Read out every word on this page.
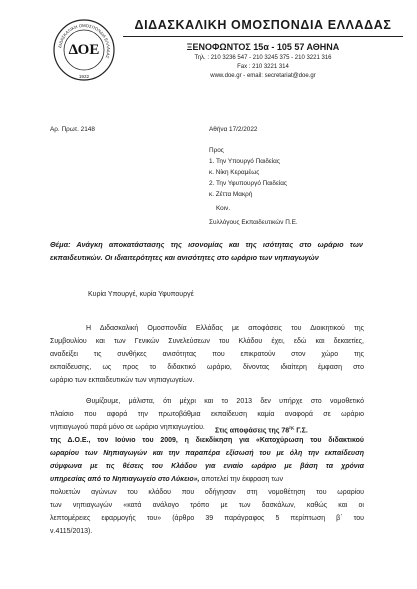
ΔΙΔΑΣΚΑΛΙΚΗ ΟΜΟΣΠΟΝΔΙΑ ΕΛΛΑΔΑΣ
ΔΟΕ
1922
ΔΙΔΑΣΚΑΛΙΚΗ ΟΜΟΣΠΟΝΔΙΑ ΕΛΛΑΔΑΣ
ΞΕΝΟΦΩΝΤΟΣ 15α - 105 57 ΑΘΗΝΑ
Τηλ. : 210 3236 547 - 210 3245 375 - 210 3221 316
Fax : 210 3221 314
www.doe.gr - email: secretariat@doe.gr
Αρ. Πρωτ. 2148	Αθήνα 17/2/2022
Προς
1. Την Υπουργό Παιδείας
κ. Νίκη Κεραμέως
2. Την Υφυπουργό Παιδείας
κ. Ζέττα Μακρή
Κοιν.
Συλλόγους Εκπαιδευτικών Π.Ε.
Θέμα: Ανάγκη αποκατάστασης της ισονομίας και της ισότητας στο ωράριο των
εκπαιδευτικών. Οι ιδιαιτερότητες και ανισότητες στο ωράριο των νηπιαγωγών
Κυρία Υπουργέ, κυρία Υφυπουργέ
Η Διδασκαλική Ομοσπονδία Ελλάδας με αποφάσεις του Διοικητικού της
Συμβουλίου και των Γενικών Συνελεύσεων του Κλάδου έχει, εδώ και δεκαετίες,
αναδείξει τις συνθήκες ανισότητας που επικρατούν στον χώρο της
εκπαίδευσης, ως προς το διδακτικό ωράριο, δίνοντας ιδιαίτερη έμφαση στο
ωράριο των εκπαιδευτικών των νηπιαγωγείων.
Θυμίζουμε, μάλιστα, ότι μέχρι και το 2013 δεν υπήρχε στο νομοθετικό
πλαίσιο που αφορά την πρωτοβάθμια εκπαίδευση καμία αναφορά σε ωράριο
νηπιαγωγού παρά μόνο σε ωράριο νηπιαγωγείου. Στις αποφάσεις της $78^{\eta\varsigma}$ Γ.Σ.
της Δ.Ο.Ε., τον Ιούνιο του 2009, η διεκδίκηση για «Κατοχύρωση του διδακτικού
ωραρίου των Νηπιαγωγών και την παραπέρα εξίσωσή του με όλη την εκπαίδευση
σύμφωνα με τις θέσεις του Κλάδου για ενιαίο ωράριο με βάση τα χρόνια
υπηρεσίας από το Νηπιαγωγείο στο Λύκειο», αποτελεί την έκφραση των
πολυετών αγώνων του κλάδου που οδήγησαν στη νομοθέτηση του ωραρίου
των νηπιαγωγών «κατά ανάλογο τρόπο με των δασκάλων, καθώς και οι
λεπτομέρειες εφαρμογής του» (άρθρο 39 παράγραφος 5 περίπτωση β΄ του
ν.4115/2013).
